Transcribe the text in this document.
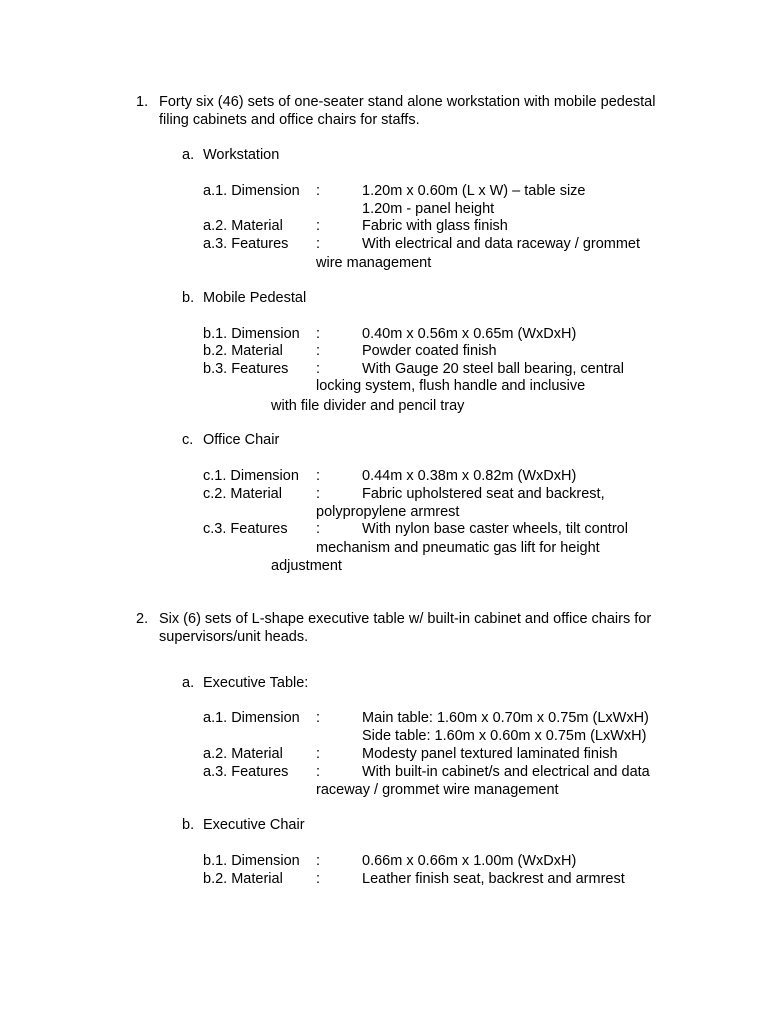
1. Forty six (46) sets of one-seater stand alone workstation with mobile pedestal
filing cabinets and office chairs for staffs.
a. Workstation
a.1. Dimension :	1.20m x 0.60m (L x W) – table size
1.20m - panel height
a.2. Material :	Fabric with glass finish
a.3. Features :	With electrical and data raceway / grommet
wire management
b. Mobile Pedestal
b.1. Dimension :	0.40m x 0.56m x 0.65m (WxDxH)
b.2. Material :	Powder coated finish
b.3. Features :	With Gauge 20 steel ball bearing, central
locking system, flush handle and inclusive
with file divider and pencil tray
c. Office Chair
c.1. Dimension :	0.44m x 0.38m x 0.82m (WxDxH)
c.2. Material :	Fabric upholstered seat and backrest,
polypropylene armrest
c.3. Features :	With nylon base caster wheels, tilt control
mechanism and pneumatic gas lift for height
adjustment
2. Six (6) sets of L-shape executive table w/ built-in cabinet and office chairs for
supervisors/unit heads.
a. Executive Table:
a.1. Dimension :	Main table: 1.60m x 0.70m x 0.75m (LxWxH)
Side table: 1.60m x 0.60m x 0.75m (LxWxH)
a.2. Material :	Modesty panel textured laminated finish
a.3. Features :	With built-in cabinet/s and electrical and data
raceway / grommet wire management
b. Executive Chair
b.1. Dimension :	0.66m x 0.66m x 1.00m (WxDxH)
b.2. Material :	Leather finish seat, backrest and armrest
